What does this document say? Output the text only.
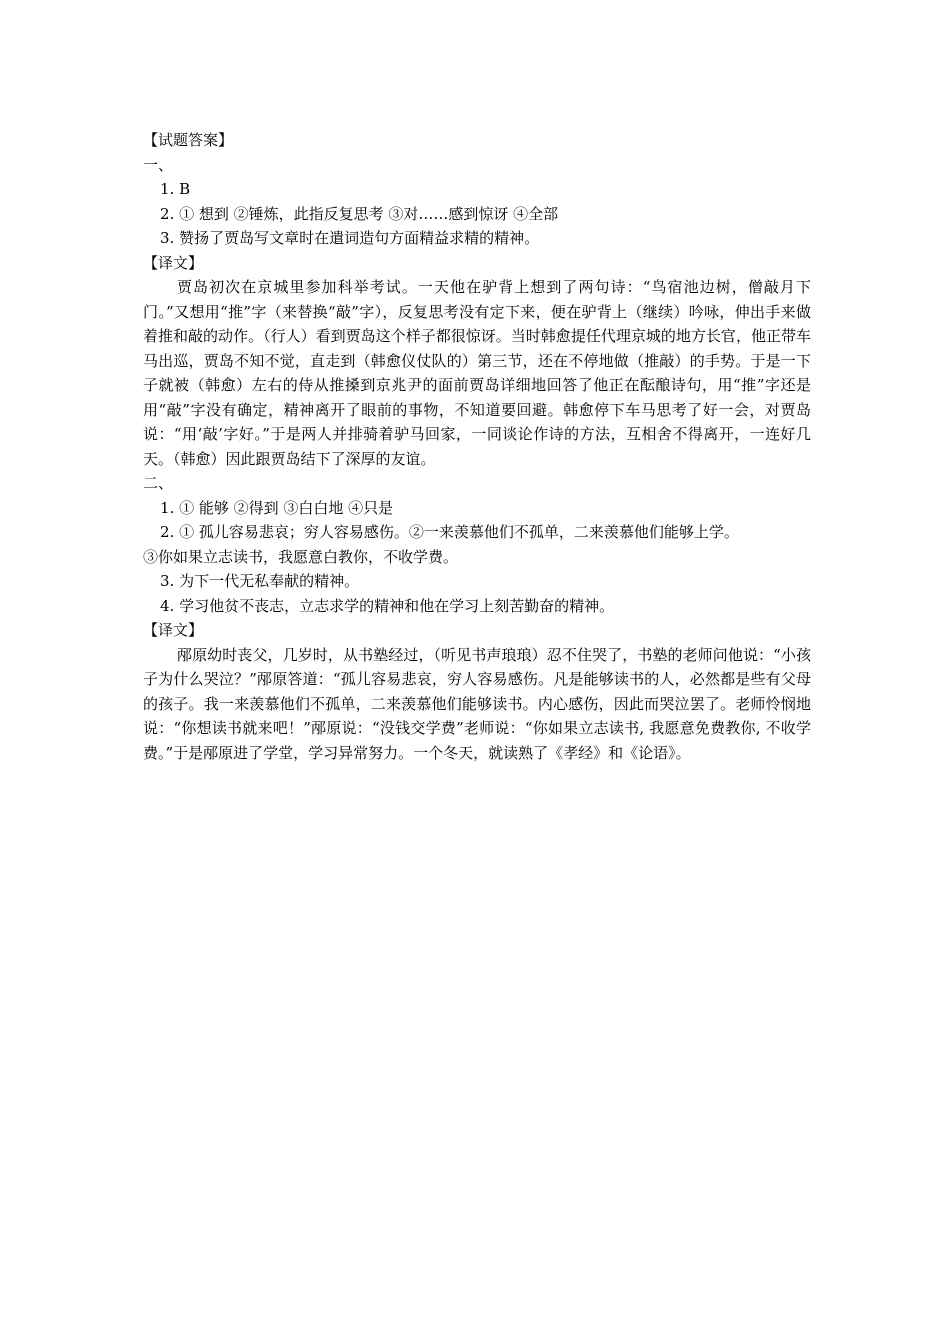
【试题答案】
一、
1. B
2. ① 想到 ②锤炼，此指反复思考 ③对……感到惊讶 ④全部
3. 赞扬了贾岛写文章时在遣词造句方面精益求精的精神。
【译文】
贾岛初次在京城里参加科举考试。一天他在驴背上想到了两句诗：“鸟宿池边树，僧敲月下门。”又想用“推”字（来替换“敲”字），反复思考没有定下来，便在驴背上（继续）吟咏，伸出手来做着推和敲的动作。（行人）看到贾岛这个样子都很惊讶。当时韩愈提任代理京城的地方长官，他正带车马出巡，贾岛不知不觉，直走到（韩愈仪仗队的）第三节，还在不停地做（推敲）的手势。于是一下子就被（韩愈）左右的侍从推搡到京兆尹的面前贾岛详细地回答了他正在酝酿诗句，用“推”字还是用“敲”字没有确定，精神离开了眼前的事物，不知道要回避。韩愈停下车马思考了好一会，对贾岛说：“用‘敲’字好。”于是两人并排骑着驴马回家，一同谈论作诗的方法，互相舍不得离开，一连好几天。（韩愈）因此跟贾岛结下了深厚的友谊。
二、
1. ① 能够 ②得到 ③白白地 ④只是
2. ① 孤儿容易悲哀；穷人容易感伤。②一来羡慕他们不孤单，二来羡慕他们能够上学。
③你如果立志读书，我愿意白教你，不收学费。
3. 为下一代无私奉献的精神。
4. 学习他贫不丧志，立志求学的精神和他在学习上刻苦勤奋的精神。
【译文】
邴原幼时丧父，几岁时，从书塾经过，（听见书声琅琅）忍不住哭了，书塾的老师问他说：“小孩子为什么哭泣？”邴原答道：“孤儿容易悲哀，穷人容易感伤。凡是能够读书的人，必然都是些有父母的孩子。我一来羡慕他们不孤单，二来羡慕他们能够读书。内心感伤，因此而哭泣罢了。老师怜悯地说：“你想读书就来吧！”邴原说：“没钱交学费”老师说：“你如果立志读书, 我愿意免费教你, 不收学费。”于是邴原进了学堂，学习异常努力。一个冬天，就读熟了《孝经》和《论语》。
